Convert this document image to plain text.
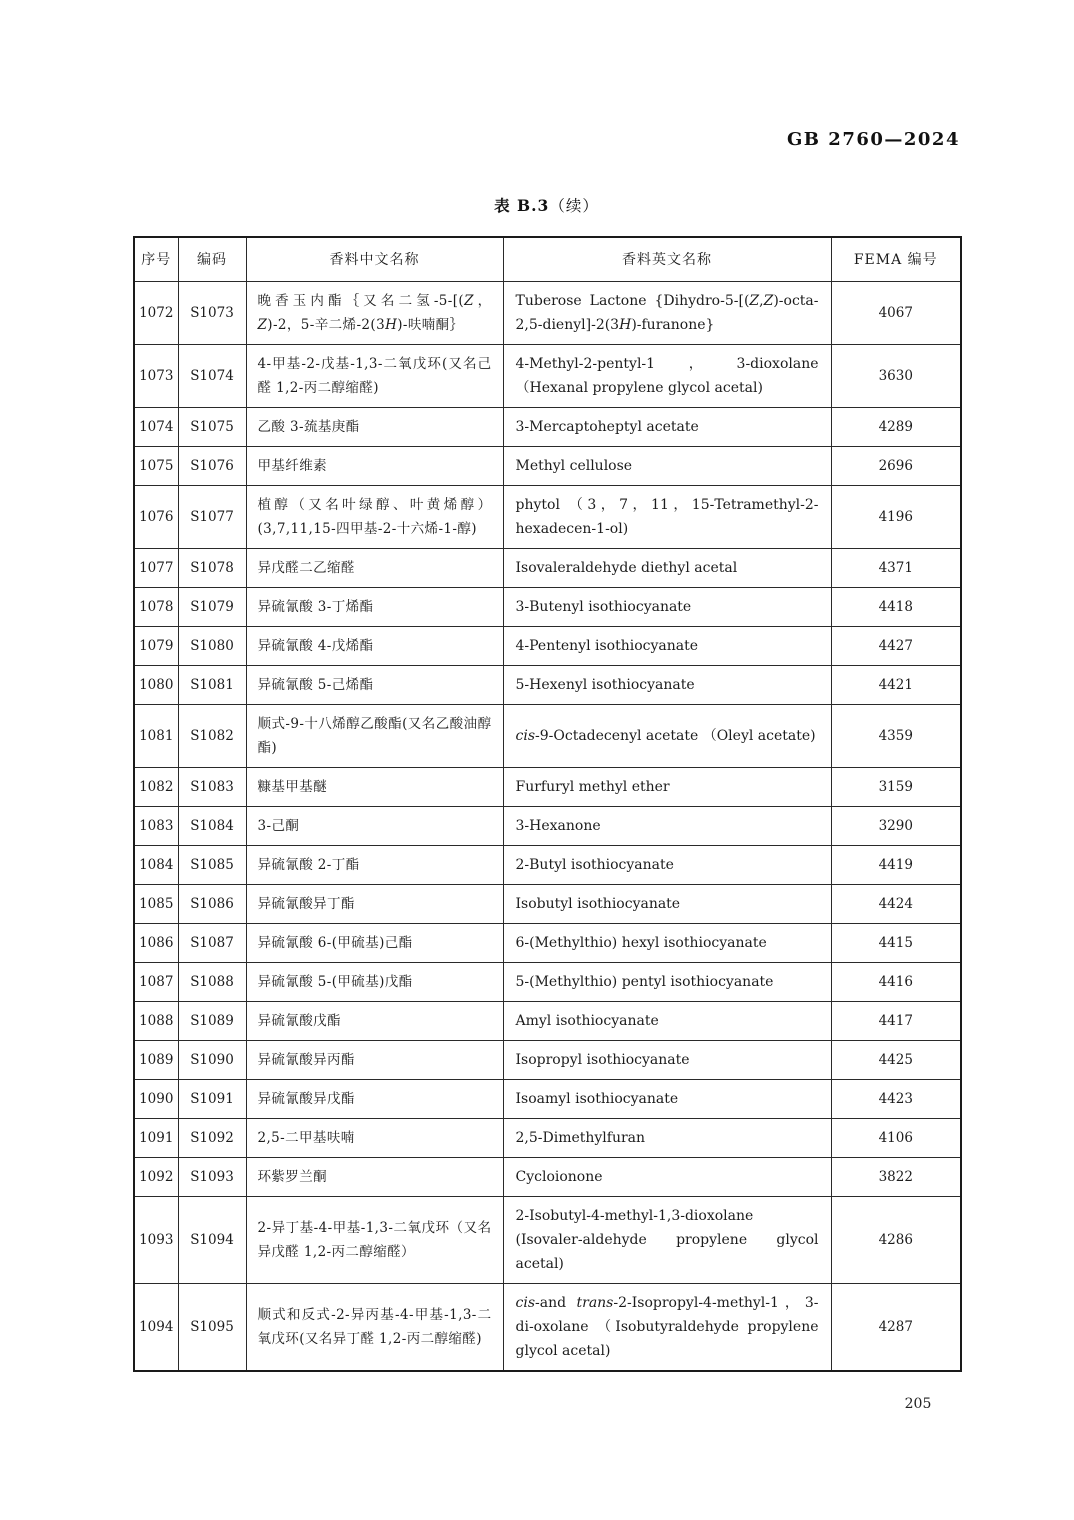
GB 2760—2024
表 B.3（续）
序号	编码	香料中文名称	香料英文名称	FEMA 编号
1072	S1073	晚香玉内酯｛又名二氢-5-[(Z，Z)-2，5-辛二烯-2(3H)-呋喃酮｝	Tuberose Lactone {Dihydro-5-[(Z,Z)-octa-2,5-dienyl]-2(3H)-furanone}	4067
1073	S1074	4-甲基-2-戊基-1,3-二氧戊环(又名己醛 1,2-丙二醇缩醛)	4-Methyl-2-pentyl-1，3-dioxolane （Hexanal propylene glycol acetal)	3630
1074	S1075	乙酸 3-巯基庚酯	3-Mercaptoheptyl acetate	4289
1075	S1076	甲基纤维素	Methyl cellulose	2696
1076	S1077	植醇（又名叶绿醇、叶黄烯醇）(3,7,11,15-四甲基-2-十六烯-1-醇)	phytol （3，7，11，15-Tetramethyl-2-hexadecen-1-ol)	4196
1077	S1078	异戊醛二乙缩醛	Isovaleraldehyde diethyl acetal	4371
1078	S1079	异硫氰酸 3-丁烯酯	3-Butenyl isothiocyanate	4418
1079	S1080	异硫氰酸 4-戊烯酯	4-Pentenyl isothiocyanate	4427
1080	S1081	异硫氰酸 5-己烯酯	5-Hexenyl isothiocyanate	4421
1081	S1082	顺式-9-十八烯醇乙酸酯(又名乙酸油醇酯)	cis-9-Octadecenyl acetate （Oleyl acetate)	4359
1082	S1083	糠基甲基醚	Furfuryl methyl ether	3159
1083	S1084	3-己酮	3-Hexanone	3290
1084	S1085	异硫氰酸 2-丁酯	2-Butyl isothiocyanate	4419
1085	S1086	异硫氰酸异丁酯	Isobutyl isothiocyanate	4424
1086	S1087	异硫氰酸 6-(甲硫基)己酯	6-(Methylthio) hexyl isothiocyanate	4415
1087	S1088	异硫氰酸 5-(甲硫基)戊酯	5-(Methylthio) pentyl isothiocyanate	4416
1088	S1089	异硫氰酸戊酯	Amyl isothiocyanate	4417
1089	S1090	异硫氰酸异丙酯	Isopropyl isothiocyanate	4425
1090	S1091	异硫氰酸异戊酯	Isoamyl isothiocyanate	4423
1091	S1092	2,5-二甲基呋喃	2,5-Dimethylfuran	4106
1092	S1093	环紫罗兰酮	Cycloionone	3822
1093	S1094	2-异丁基-4-甲基-1,3-二氧戊环（又名异戊醛 1,2-丙二醇缩醛）	2-Isobutyl-4-methyl-1,3-dioxolane (Isovaler-aldehyde propylene glycol acetal)	4286
1094	S1095	顺式和反式-2-异丙基-4-甲基-1,3-二氧戊环(又名异丁醛 1,2-丙二醇缩醛)	cis-and trans-2-Isopropyl-4-methyl-1，3-di-oxolane （Isobutyraldehyde propylene glycol acetal)	4287
205
